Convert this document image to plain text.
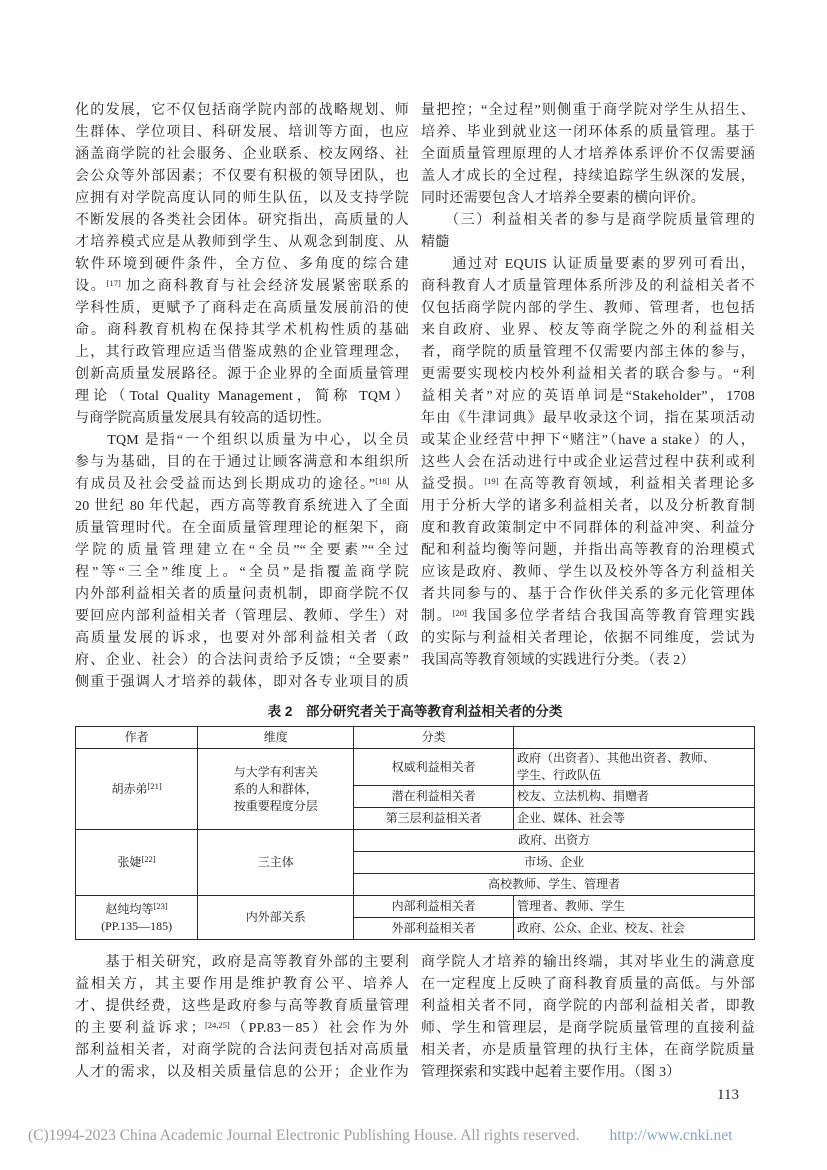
化的发展，它不仅包括商学院内部的战略规划、师
生群体、学位项目、科研发展、培训等方面，也应
涵盖商学院的社会服务、企业联系、校友网络、社
会公众等外部因素；不仅要有积极的领导团队，也
应拥有对学院高度认同的师生队伍，以及支持学院
不断发展的各类社会团体。研究指出，高质量的人
才培养模式应是从教师到学生、从观念到制度、从
软件环境到硬件条件，全方位、多角度的综合建
设。[17] 加之商科教育与社会经济发展紧密联系的
学科性质，更赋予了商科走在高质量发展前沿的使
命。商科教育机构在保持其学术机构性质的基础
上，其行政管理应适当借鉴成熟的企业管理理念，
创新高质量发展路径。源于企业界的全面质量管理
理论（Total Quality Management，简称 TQM）
与商学院高质量发展具有较高的适切性。
　　TQM 是指“一个组织以质量为中心，以全员
参与为基础，目的在于通过让顾客满意和本组织所
有成员及社会受益而达到长期成功的途径。”[18] 从
20 世纪 80 年代起，西方高等教育系统进入了全面
质量管理时代。在全面质量管理理论的框架下，商
学院的质量管理建立在“全员”“全要素”“全过
程”等“三全”维度上。“全员”是指覆盖商学院
内外部利益相关者的质量问责机制，即商学院不仅
要回应内部利益相关者（管理层、教师、学生）对
高质量发展的诉求，也要对外部利益相关者（政
府、企业、社会）的合法问责给予反馈；“全要素”
侧重于强调人才培养的载体，即对各专业项目的质
量把控；“全过程”则侧重于商学院对学生从招生、
培养、毕业到就业这一闭环体系的质量管理。基于
全面质量管理原理的人才培养体系评价不仅需要涵
盖人才成长的全过程，持续追踪学生纵深的发展，
同时还需要包含人才培养全要素的横向评价。
　　（三）利益相关者的参与是商学院质量管理的
精髓
　　通过对 EQUIS 认证质量要素的罗列可看出，
商科教育人才质量管理体系所涉及的利益相关者不
仅包括商学院内部的学生、教师、管理者，也包括
来自政府、业界、校友等商学院之外的利益相关
者，商学院的质量管理不仅需要内部主体的参与，
更需要实现校内校外利益相关者的联合参与。“利
益相关者”对应的英语单词是“Stakeholder”，1708
年由《牛津词典》最早收录这个词，指在某项活动
或某企业经营中押下“赌注”（have a stake）的人，
这些人会在活动进行中或企业运营过程中获利或利
益受损。[19] 在高等教育领域，利益相关者理论多
用于分析大学的诸多利益相关者，以及分析教育制
度和教育政策制定中不同群体的利益冲突、利益分
配和利益均衡等问题，并指出高等教育的治理模式
应该是政府、教师、学生以及校外等各方利益相关
者共同参与的、基于合作伙伴关系的多元化管理体
制。[20] 我国多位学者结合我国高等教育管理实践
的实际与利益相关者理论，依据不同维度，尝试为
我国高等教育领域的实践进行分类。（表 2）
表 2　部分研究者关于高等教育利益相关者的分类
作者	维度	分类	
胡赤弟[21]	与大学有利害关
系的人和群体，
按重要程度分层	权威利益相关者	政府（出资者）、其他出资者、教师、
学生、行政队伍
		潜在利益相关者	校友、立法机构、捐赠者
		第三层利益相关者	企业、媒体、社会等
张婕[22]	三主体	政府、出资方	
		市场、企业	
		高校教师、学生、管理者	
赵纯均等[23]
(PP.135—185)	内外部关系	内部利益相关者	管理者、教师、学生
		外部利益相关者	政府、公众、企业、校友、社会
　　基于相关研究，政府是高等教育外部的主要利
益相关方，其主要作用是维护教育公平、培养人
才、提供经费，这些是政府参与高等教育质量管理
的主要利益诉求；[24,25]（PP.83－85）社会作为外
部利益相关者，对商学院的合法问责包括对高质量
人才的需求，以及相关质量信息的公开；企业作为
商学院人才培养的输出终端，其对毕业生的满意度
在一定程度上反映了商科教育质量的高低。与外部
利益相关者不同，商学院的内部利益相关者，即教
师、学生和管理层，是商学院质量管理的直接利益
相关者，亦是质量管理的执行主体，在商学院质量
管理探索和实践中起着主要作用。（图 3）
113
(C)1994-2023 China Academic Journal Electronic Publishing House. All rights reserved. http://www.cnki.net
